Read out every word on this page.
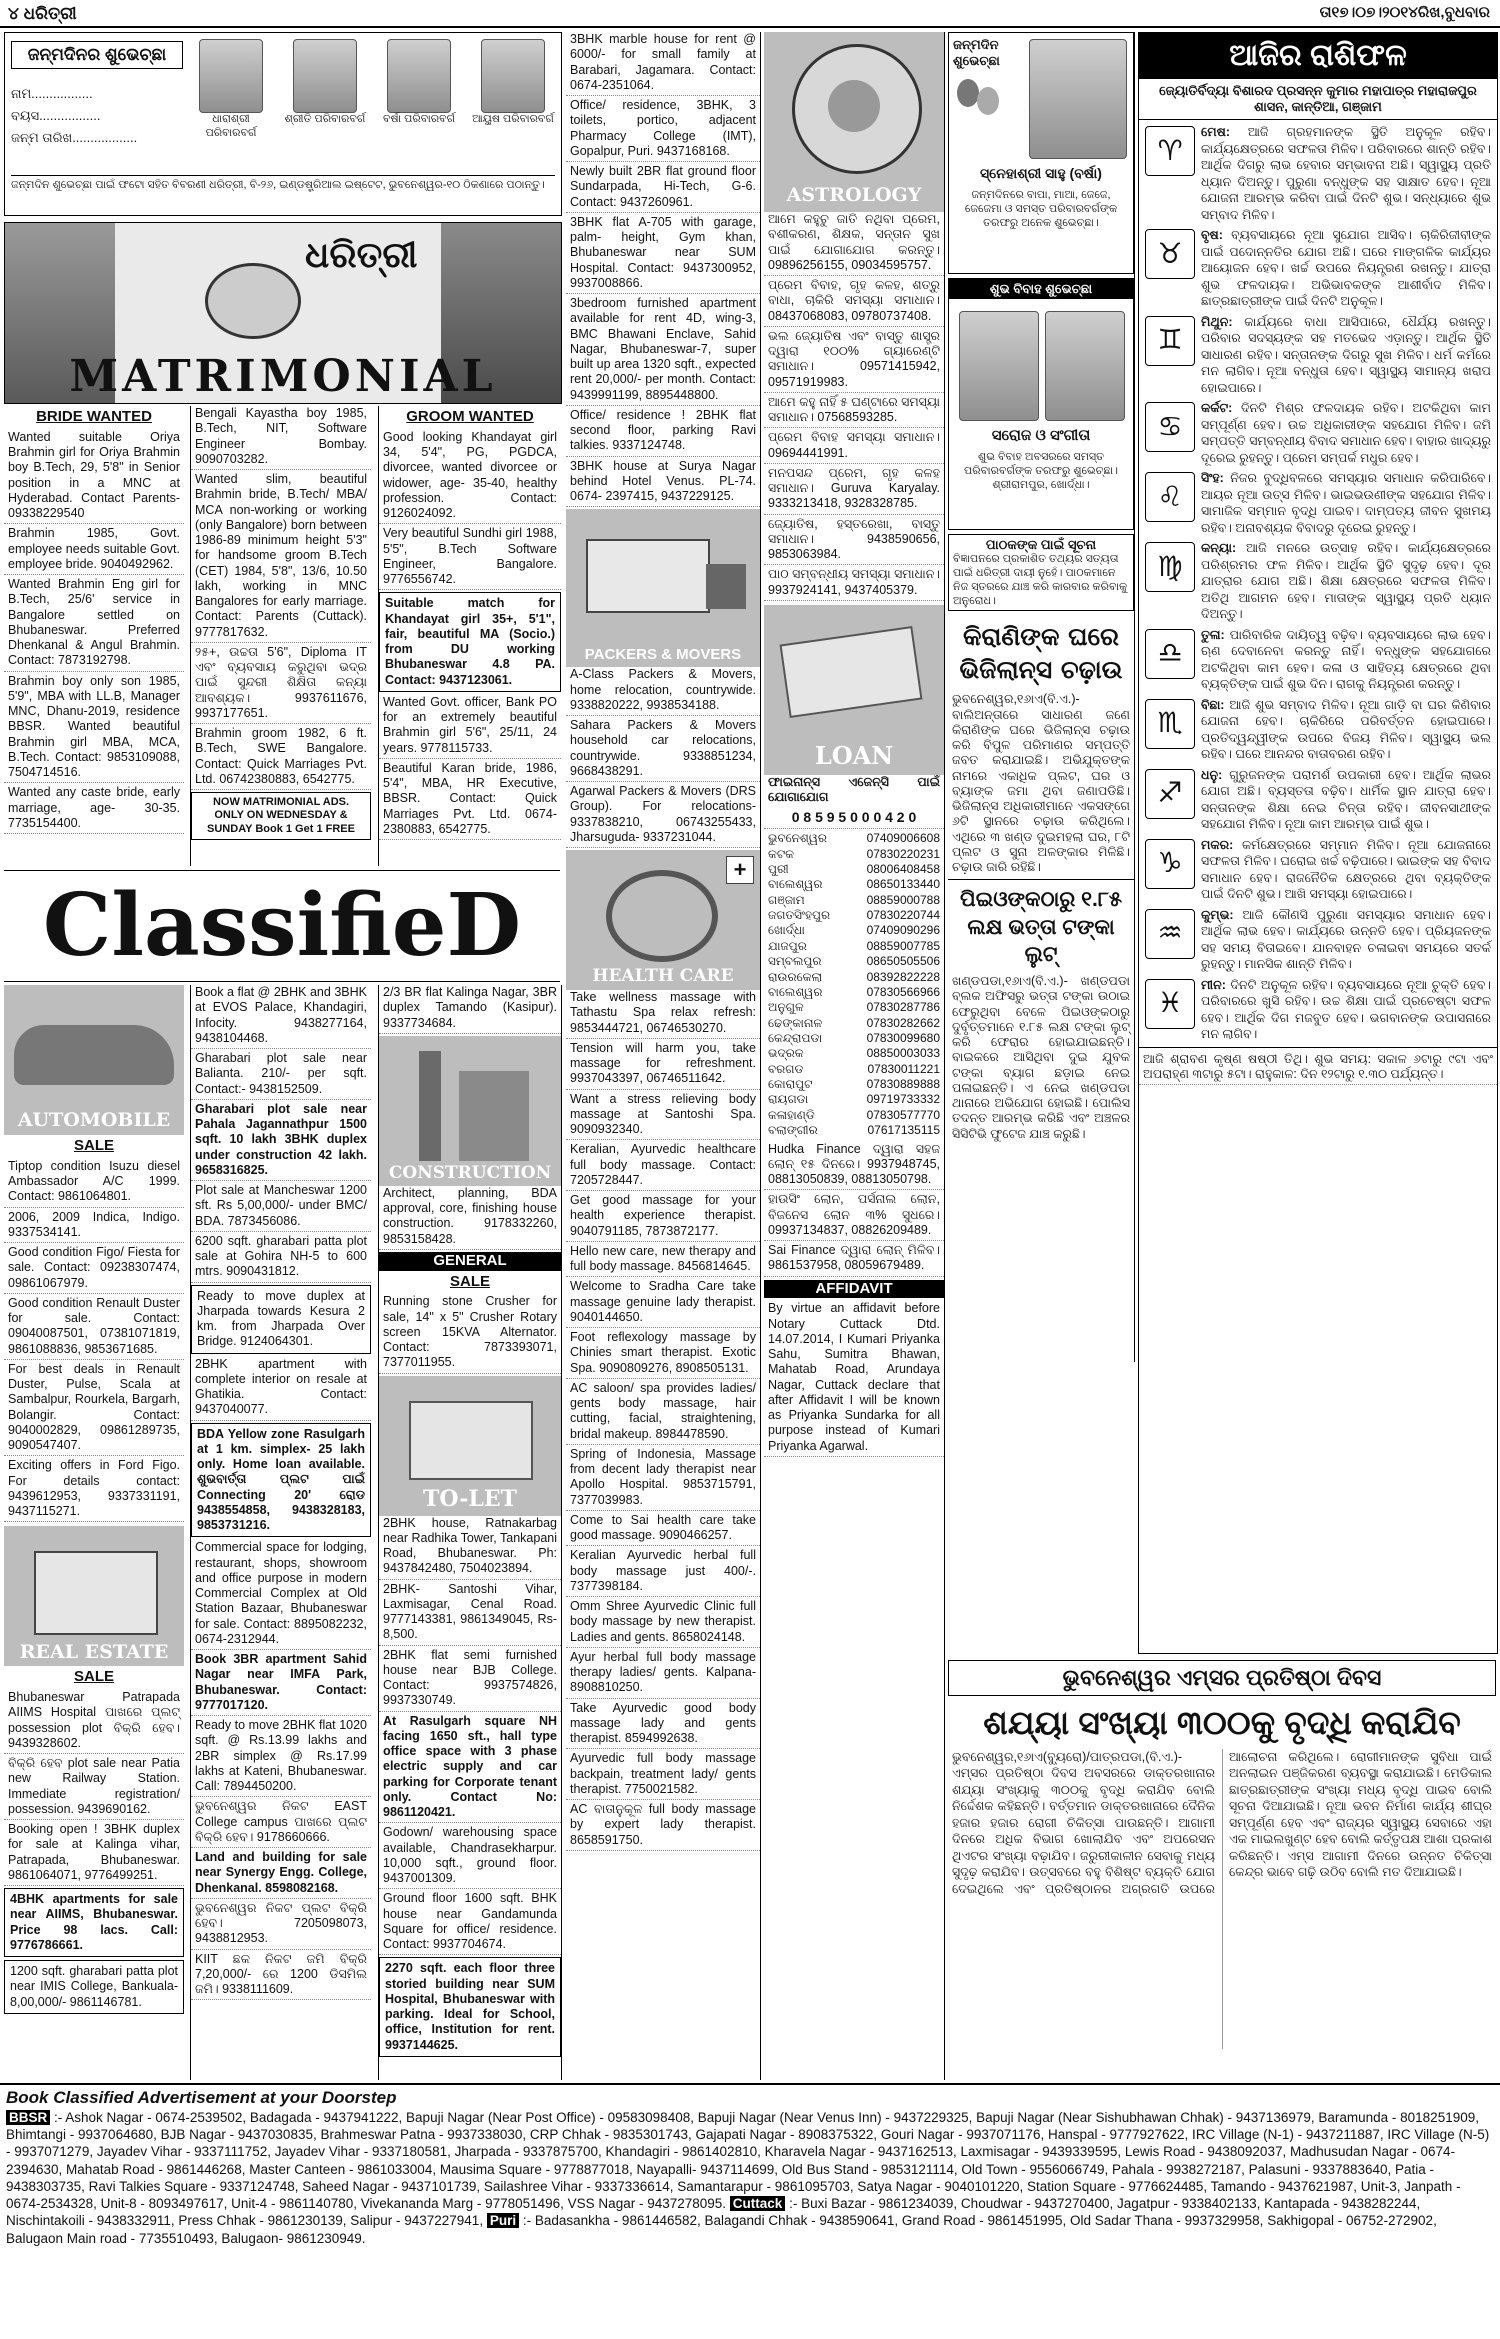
୪ ଧରିତ୍ରୀ	ତା୧୭।୦୭।୨୦୧୪ରିଖ,ବୁଧବାର
ଜନ୍ମଦିନର ଶୁଭେଚ୍ଛା
ନାମ.................
ବୟସ.................
ଜନ୍ମ ତାରିଖ..................
ଧାରାଶ୍ରୀ ପରିବାରବର୍ଗ
ଶ୍ରୀତି ପରିବାରବର୍ଗ	ବର୍ଷା ପରିବାରବର୍ଗ	ଆୟୁଷ ପରିବାରବର୍ଗ
ଜନ୍ମଦିନ ଶୁଭେଚ୍ଛା ପାଇଁ ଫଟୋ ସହିତ ବିବରଣୀ ଧରିତ୍ରୀ, ବି-୨୬, ଇଣ୍ଡଷ୍ଟ୍ରିଆଲ ଇଷ୍ଟେଟ, ଭୁବନେଶ୍ୱର-୧୦ ଠିକଣାରେ ପଠାନ୍ତୁ।
ଧରିତ୍ରୀ
MATRIMONIAL
BRIDE WANTED
Wanted suitable Oriya Brahmin girl for Oriya Brahmin boy B.Tech, 29, 5'8" in Senior position in a MNC at Hyderabad. Contact Parents-09338229540
Brahmin 1985, Govt. employee needs suitable Govt. employee bride. 9040492962.
Wanted Brahmin Eng girl for B.Tech, 25/6' service in Bangalore settled on Bhubaneswar. Preferred Dhenkanal & Angul Brahmin. Contact: 7873192798.
Brahmin boy only son 1985, 5'9", MBA with LL.B, Manager MNC, Dhanu-2019, residence BBSR. Wanted beautiful Brahmin girl MBA, MCA, B.Tech. Contact: 9853109088, 7504714516.
Wanted any caste bride, early marriage, age- 30-35. 7735154400.
Bengali Kayastha boy 1985, B.Tech, NIT, Software Engineer Bombay. 9090703282.
Wanted slim, beautiful Brahmin bride, B.Tech/ MBA/ MCA non-working or working (only Bangalore) born between 1986-89 minimum height 5'3" for handsome groom B.Tech (CET) 1984, 5'8", 13/6, 10.50 lakh, working in MNC Bangalores for early marriage. Contact: Parents (Cuttack). 9777817632.
୨୫+, ଉଚ୍ଚତା 5'6", Diploma IT ଏବଂ ବ୍ୟବସାୟ କରୁଥିବା ଭଦ୍ର ପାଇଁ ସୁନ୍ଦରୀ ଶିକ୍ଷିତା କନ୍ୟା ଆବଶ୍ୟକ। 9937611676, 9937177651.
Brahmin groom 1982, 6 ft. B.Tech, SWE Bangalore. Contact: Quick Marriages Pvt. Ltd. 06742380883, 6542775.
NOW MATRIMONIAL ADS. ONLY ON WEDNESDAY & SUNDAY Book 1 Get 1 FREE
GROOM WANTED
Good looking Khandayat girl 34, 5'4", PG, PGDCA, divorcee, wanted divorcee or widower, age- 35-40, healthy profession. Contact: 9126024092.
Very beautiful Sundhi girl 1988, 5'5", B.Tech Software Engineer, Bangalore. 9776556742.
Suitable match for Khandayat girl 35+, 5'1", fair, beautiful MA (Socio.) from DU working Bhubaneswar 4.8 PA. Contact: 9437123061.
Wanted Govt. officer, Bank PO for an extremely beautiful Brahmin girl 5'6", 25/11, 24 years. 9778115733.
Beautiful Karan bride, 1986, 5'4", MBA, HR Executive, BBSR. Contact: Quick Marriages Pvt. Ltd. 0674-2380883, 6542775.
ClassifieD
AUTOMOBILE
SALE
Tiptop condition Isuzu diesel Ambassador A/C 1999. Contact: 9861064801.
2006, 2009 Indica, Indigo. 9337534141.
Good condition Figo/ Fiesta for sale. Contact: 09238307474, 09861067979.
Good condition Renault Duster for sale. Contact: 09040087501, 07381071819, 9861088836, 9853671685.
For best deals in Renault Duster, Pulse, Scala at Sambalpur, Rourkela, Bargarh, Bolangir. Contact: 9040002829, 09861289735, 9090547407.
Exciting offers in Ford Figo. For details contact: 9439612953, 9337331191, 9437115271.
REAL ESTATE
SALE
Bhubaneswar Patrapada AIIMS Hospital ପାଖରେ ପ୍ଲଟ୍ possession plot ବିକ୍ରି ହେବ। 9439328602.
ବିକ୍ରି ହେବ plot sale near Patia new Railway Station. Immediate registration/ possession. 9439690162.
Booking open ! 3BHK duplex for sale at Kalinga vihar, Patrapada, Bhubaneswar. 9861064071, 9776499251.
4BHK apartments for sale near AIIMS, Bhubaneswar. Price 98 lacs. Call: 9776786661.
1200 sqft. gharabari patta plot near IMIS College, Bankuala- 8,00,000/- 9861146781.
Book a flat @ 2BHK and 3BHK at EVOS Palace, Khandagiri, Infocity. 9438277164, 9438104468.
Gharabari plot sale near Balianta. 210/- per sqft. Contact:- 9438152509.
Gharabari plot sale near Pahala Jagannathpur 1500 sqft. 10 lakh 3BHK duplex under construction 42 lakh. 9658316825.
Plot sale at Mancheswar 1200 sft. Rs 5,00,000/- under BMC/ BDA. 7873456086.
6200 sqft. gharabari patta plot sale at Gohira NH-5 to 600 mtrs. 9090431812.
Ready to move duplex at Jharpada towards Kesura 2 km. from Jharpada Over Bridge. 9124064301.
2BHK apartment with complete interior on resale at Ghatikia. Contact: 9437040077.
BDA Yellow zone Rasulgarh at 1 km. simplex- 25 lakh only. Home loan available. ଶୁଭବାର୍ତ୍ତା ପ୍ଲଟ ପାଇଁ Connecting 20' ରୋଡ 9438554858, 9438328183, 9853731216.
Commercial space for lodging, restaurant, shops, showroom and office purpose in modern Commercial Complex at Old Station Bazaar, Bhubaneswar for sale. Contact: 8895082232, 0674-2312944.
Book 3BR apartment Sahid Nagar near IMFA Park, Bhubaneswar. Contact: 9777017120.
Ready to move 2BHK flat 1020 sqft. @ Rs.13.99 lakhs and 2BR simplex @ Rs.17.99 lakhs at Kateni, Bhubaneswar. Call: 7894450200.
ଭୁବନେଶ୍ୱର ନିକଟ EAST College campus ପାଖରେ ପ୍ଲଟ ବିକ୍ରି ହେବ। 9178660666.
Land and building for sale near Synergy Engg. College, Dhenkanal. 8598082168.
ଭୁବନେଶ୍ୱର ନିକଟ ପ୍ଲଟ ବିକ୍ରି ହେବ। 7205098073, 9438812953.
KIIT ଛକ ନିକଟ ଜମି ବିକ୍ରି 7,20,000/- ରେ 1200 ଡିସମିଲ ଜମି। 9338111609.
2/3 BR flat Kalinga Nagar, 3BR duplex Tamando (Kasipur). 9337734684.
CONSTRUCTION
Architect, planning, BDA approval, core, finishing house construction. 9178332260, 9853158428.
GENERAL
SALE
Running stone Crusher for sale, 14" x 5" Crusher Rotary screen 15KVA Alternator. Contact: 7873393071, 7377011955.
TO-LET
2BHK house, Ratnakarbag near Radhika Tower, Tankapani Road, Bhubaneswar. Ph: 9437842480, 7504023894.
2BHK- Santoshi Vihar, Laxmisagar, Cenal Road. 9777143381, 9861349045, Rs-8,500.
2BHK flat semi furnished house near BJB College. Contact: 9937574826, 9937330749.
At Rasulgarh square NH facing 1650 sft., hall type office space with 3 phase electric supply and car parking for Corporate tenant only. Contact No: 9861120421.
Godown/ warehousing space available, Chandrasekharpur. 10,000 sqft., ground floor. 9437001309.
Ground floor 1600 sqft. BHK house near Gandamunda Square for office/ residence. Contact: 9937704674.
2270 sqft. each floor three storied building near SUM Hospital, Bhubaneswar with parking. Ideal for School, office, Institution for rent. 9937144625.
3BHK marble house for rent @ 6000/- for small family at Barabari, Jagamara. Contact: 0674-2351064.
Office/ residence, 3BHK, 3 toilets, portico, adjacent Pharmacy College (IMT), Gopalpur, Puri. 9437168168.
Newly built 2BR flat ground floor Sundarpada, Hi-Tech, G-6. Contact: 9437260961.
3BHK flat A-705 with garage, palm- height, Gym khan, Bhubaneswar near SUM Hospital. Contact: 9437300952, 9937008866.
3bedroom furnished apartment available for rent 4D, wing-3, BMC Bhawani Enclave, Sahid Nagar, Bhubaneswar-7, super built up area 1320 sqft., expected rent 20,000/- per month. Contact: 9439991199, 8895448800.
Office/ residence ! 2BHK flat second floor, parking Ravi talkies. 9337124748.
3BHK house at Surya Nagar behind Hotel Venus. PL-74. 0674- 2397415, 9437229125.
PACKERS & MOVERS
A-Class Packers & Movers, home relocation, countrywide. 9338820222, 9938534188.
Sahara Packers & Movers household car relocations, countrywide. 9338851234, 9668438291.
Agarwal Packers & Movers (DRS Group). For relocations- 9337838210, 06743255433, Jharsuguda- 9337231044.
+
HEALTH CARE
Take wellness massage with Tathastu Spa relax refresh: 9853444721, 06746530270.
Tension will harm you, take massage for refreshment. 9937043397, 06746511642.
Want a stress relieving body massage at Santoshi Spa. 9090932340.
Keralian, Ayurvedic healthcare full body massage. Contact: 7205728447.
Get good massage for your health experience therapist. 9040791185, 7873872177.
Hello new care, new therapy and full body massage. 8456814645.
Welcome to Sradha Care take massage genuine lady therapist. 9040144650.
Foot reflexology massage by Chinies smart therapist. Exotic Spa. 9090809276, 8908505131.
AC saloon/ spa provides ladies/ gents body massage, hair cutting, facial, straightening, bridal makeup. 8984478590.
Spring of Indonesia, Massage from decent lady therapist near Apollo Hospital. 9853715791, 7377039983.
Come to Sai health care take good massage. 9090466257.
Keralian Ayurvedic herbal full body massage just 400/-. 7377398184.
Omm Shree Ayurvedic Clinic full body massage by new therapist. Ladies and gents. 8658024148.
Ayur herbal full body massage therapy ladies/ gents. Kalpana- 8908810250.
Take Ayurvedic good body massage lady and gents therapist. 8594992638.
Ayurvedic full body massage backpain, treatment lady/ gents therapist. 7750021582.
AC ବାତାନୁକୂଳ full body massage by expert lady therapist. 8658591750.
ASTROLOGY
ଆମେ କହୁଚୁ ଜାତି ନଥିବା ପ୍ରେମ, ବଶୀକରଣ, ଶିକ୍ଷକ, ସନ୍ତାନ ସୁଖ ପାଇଁ ଯୋଗାଯୋଗ କରନ୍ତୁ। 09896256155, 09034595757.
ପ୍ରେମ ବିବାହ, ଗୃହ କଳହ, ଶତ୍ରୁ ବାଧା, ଚାକିରି ସମସ୍ୟା ସମାଧାନ। 08437068083, 09780737408.
ଭଲ ଜ୍ୟୋତିଷ ଏବଂ ବାସ୍ତୁ ଶାସ୍ତ୍ର ଦ୍ୱାରା ୧୦୦% ଗ୍ୟାରେଣ୍ଟି ସମାଧାନ। 09571415942, 09571919983.
ଆମେ କହୁ ନାହିଁ ୫ ଘଣ୍ଟାରେ ସମସ୍ୟା ସମାଧାନ। 07568593285.
ପ୍ରେମ ବିବାହ ସମସ୍ୟା ସମାଧାନ। 09694441991.
ମନପସନ୍ଦ ପ୍ରେମ, ଗୃହ କଳହ ସମାଧାନ। Guruva Karyalay. 9333213418, 9328328785.
ଜ୍ୟୋତିଷ, ହସ୍ତରେଖା, ବାସ୍ତୁ ସମାଧାନ। 9438590656, 9853063984.
ପାଠ ସମ୍ବନ୍ଧୀୟ ସମସ୍ୟା ସମାଧାନ। 9937924141, 9437405379.
LOAN
ଫାଇନାନ୍ସ ଏଜେନ୍ସି ପାଇଁ ଯୋଗାଯୋଗ
0 8 5 9 5 0 0 0 4 2 0
ଭୁବନେଶ୍ୱର	07409006608
କଟକ	07830220231
ପୁରୀ	08006408458
ବାଲେଶ୍ୱର	08650133440
ଗଞ୍ଜାମ	08859000788
ଜଗତସିଂହପୁର	07830220744
ଖୋର୍ଦ୍ଧା	07409090296
ଯାଜପୁର	08859007785
ସମ୍ବଲପୁର	08650505506
ରାଉରକେଲା	08392822228
ବାଲେଶ୍ୱର	07830566966
ଅନୁଗୁଳ	07830287786
ଢେଙ୍କାନାଳ	07830282662
କେନ୍ଦ୍ରାପଡା	07830099680
ଭଦ୍ରକ	08850003033
ବରଗଡ	07830011221
କୋରାପୁଟ	07830889888
ରାୟଗଡା	09719733332
କଳାହାଣ୍ଡି	07830577770
ବଲାଙ୍ଗୀର	07617135115
Hudka Finance ଦ୍ୱାରା ସହଜ ଲୋନ୍ ୧୫ ଦିନରେ। 9937948745, 08813050839, 08813050798.
ହାଉସିଂ ଲୋନ, ପର୍ସନାଲ ଲୋନ, ବିଜନେସ ଲୋନ ୩% ସୁଧରେ। 09937134837, 08826209489.
Sai Finance ଦ୍ୱାରା ଲୋନ୍ ମିଳିବ। 9861537958, 08059679489.
AFFIDAVIT
By virtue an affidavit before Notary Cuttack Dtd. 14.07.2014, I Kumari Priyanka Sahu, Sumitra Bhawan, Mahatab Road, Arundaya Nagar, Cuttack declare that after Affidavit I will be known as Priyanka Sundarka for all purpose instead of Kumari Priyanka Agarwal.
ଜନ୍ମଦିନ ଶୁଭେଚ୍ଛା
ସ୍ନେହାଶ୍ରୀ ସାହୁ (ବର୍ଷା)
ଜନ୍ମଦିନରେ ବାପା, ମାଆ, ଜେଜେ, ଜେଜେମା ଓ ସମସ୍ତ ପରିବାରବର୍ଗଙ୍କ ତରଫରୁ ଅନେକ ଶୁଭେଚ୍ଛା।
ଶୁଭ ବିବାହ ଶୁଭେଚ୍ଛା
ସରୋଜ ଓ ସଂଗୀତା
ଶୁଭ ବିବାହ ଅବସରରେ ସମସ୍ତ ପରିବାରବର୍ଗଙ୍କ ତରଫରୁ ଶୁଭେଚ୍ଛା। ଶ୍ରୀରାମପୁର, ଖୋର୍ଦ୍ଧା।
ପାଠକଙ୍କ ପାଇଁ ସୂଚନା
ବିଜ୍ଞାପନରେ ପ୍ରକାଶିତ ତଥ୍ୟର ସତ୍ୟତା ପାଇଁ ଧରିତ୍ରୀ ଦାୟୀ ନୁହେଁ। ପାଠକମାନେ ନିଜ ସ୍ତରରେ ଯାଞ୍ଚ କରି କାରବାର କରିବାକୁ ଅନୁରୋଧ।
କିରାଣିଙ୍କ ଘରେ ଭିଜିଲାନ୍ସ ଚଢ଼ାଉ
ଭୁବନେଶ୍ୱର,୧୬ାଏ(ବି.ଏ.)- ବାଲିଅନ୍ତାରେ ସାଧାରଣ ଜଣେ କିରାଣିଙ୍କ ଘରେ ଭିଜିଲାନ୍ସ ଚଢ଼ାଉ କରି ବିପୁଳ ପରିମାଣର ସମ୍ପତ୍ତି ଜବତ କରାଯାଇଛି। ଅଭିଯୁକ୍ତଙ୍କ ନାମରେ ଏକାଧିକ ପ୍ଲଟ, ଘର ଓ ବ୍ୟାଙ୍କ ଜମା ଥିବା ଜଣାପଡିଛି। ଭିଜିଲାନ୍ସ ଅଧିକାରୀମାନେ ଏକସଙ୍ଗେ ୬ଟି ସ୍ଥାନରେ ଚଢ଼ାଉ କରିଥିଲେ। ଏଥିରେ ୩ ଖଣ୍ଡ ଦୁଇମହଲା ଘର, ୮ଟି ପ୍ଲଟ ଓ ସୁନା ଅଳଙ୍କାର ମିଳିଛି। ଚଢ଼ାଉ ଜାରି ରହିଛି।
ପିଇଓଙ୍କଠାରୁ ୧.୮୫ ଲକ୍ଷ ଭତ୍ତା ଟଙ୍କା ଲୁଟ୍
ଖଣ୍ଡପଡା,୧୬ାଏ(ବି.ଏ.)- ଖଣ୍ଡପଡା ବ୍ଲକ ଅଫିସରୁ ଭତ୍ତା ଟଙ୍କା ଉଠାଇ ଫେରୁଥିବା ବେଳେ ପିଇଓଙ୍କଠାରୁ ଦୁର୍ବୃତ୍ତମାନେ ୧.୮୫ ଲକ୍ଷ ଟଙ୍କା ଲୁଟ୍ କରି ଫେରାର ହୋଇଯାଇଛନ୍ତି। ବାଇକରେ ଆସିଥିବା ଦୁଇ ଯୁବକ ଟଙ୍କା ବ୍ୟାଗ ଛଡ଼ାଇ ନେଇ ପଳାଇଛନ୍ତି। ଏ ନେଇ ଖଣ୍ଡପଡା ଥାନାରେ ଅଭିଯୋଗ ହୋଇଛି। ପୋଲିସ ତଦନ୍ତ ଆରମ୍ଭ କରିଛି ଏବଂ ଅଞ୍ଚଳର ସିସିଟିଭି ଫୁଟେଜ ଯାଞ୍ଚ କରୁଛି।
ଆଜିର ରାଶିଫଳ
ଜ୍ୟୋତିର୍ବିଦ୍ୟା ବିଶାରଦ ପ୍ରସନ୍ନ କୁମାର ମହାପାତ୍ର ମହାରାଜପୁର ଶାସନ, କାନ୍ତିଆ, ଗଞ୍ଜାମ
♈
ମେଷ: ଆଜି ଗ୍ରହମାନଙ୍କ ସ୍ଥିତି ଅନୁକୂଳ ରହିବ। କାର୍ଯ୍ୟକ୍ଷେତ୍ରରେ ସଫଳତା ମିଳିବ। ପରିବାରରେ ଶାନ୍ତି ରହିବ। ଆର୍ଥିକ ଦିଗରୁ ଲାଭ ହେବାର ସମ୍ଭାବନା ଅଛି। ସ୍ୱାସ୍ଥ୍ୟ ପ୍ରତି ଧ୍ୟାନ ଦିଅନ୍ତୁ। ପୁରୁଣା ବନ୍ଧୁଙ୍କ ସହ ସାକ୍ଷାତ ହେବ। ନୂଆ ଯୋଜନା ଆରମ୍ଭ କରିବା ପାଇଁ ଦିନଟି ଶୁଭ। ସନ୍ଧ୍ୟାରେ ଶୁଭ ସମ୍ବାଦ ମିଳିବ।
♉
ବୃଷ: ବ୍ୟବସାୟରେ ନୂଆ ସୁଯୋଗ ଆସିବ। ଚାକିରିଜୀବୀଙ୍କ ପାଇଁ ପଦୋନ୍ନତିର ଯୋଗ ଅଛି। ଘରେ ମାଙ୍ଗଳିକ କାର୍ଯ୍ୟର ଆୟୋଜନ ହେବ। ଖର୍ଚ୍ଚ ଉପରେ ନିୟନ୍ତ୍ରଣ ରଖନ୍ତୁ। ଯାତ୍ରା ଶୁଭ ଫଳଦାୟକ। ଅଭିଭାବକଙ୍କ ଆଶୀର୍ବାଦ ମିଳିବ। ଛାତ୍ରଛାତ୍ରୀଙ୍କ ପାଇଁ ଦିନଟି ଅନୁକୂଳ।
♊
ମିଥୁନ: କାର୍ଯ୍ୟରେ ବାଧା ଆସିପାରେ, ଧୈର୍ଯ୍ୟ ରଖନ୍ତୁ। ପରିବାର ସଦସ୍ୟଙ୍କ ସହ ମତଭେଦ ଏଡ଼ାନ୍ତୁ। ଆର୍ଥିକ ସ୍ଥିତି ସାଧାରଣ ରହିବ। ସନ୍ତାନଙ୍କ ଦିଗରୁ ସୁଖ ମିଳିବ। ଧର୍ମ କର୍ମରେ ମନ ଲାଗିବ। ନୂଆ ବନ୍ଧୁତା ହେବ। ସ୍ୱାସ୍ଥ୍ୟ ସାମାନ୍ୟ ଖରାପ ହୋଇପାରେ।
♋
କର୍କଟ: ଦିନଟି ମିଶ୍ର ଫଳଦାୟକ ରହିବ। ଅଟକିଥିବା କାମ ସମ୍ପୂର୍ଣ୍ଣ ହେବ। ଉଚ୍ଚ ଅଧିକାରୀଙ୍କ ସହଯୋଗ ମିଳିବ। ଜମି ସମ୍ପତ୍ତି ସମ୍ବନ୍ଧୀୟ ବିବାଦ ସମାଧାନ ହେବ। ବାହାର ଖାଦ୍ୟରୁ ଦୂରେଇ ରୁହନ୍ତୁ। ପ୍ରେମ ସମ୍ପର୍କ ମଧୁର ହେବ।
♌
ସିଂହ: ନିଜର ବୁଦ୍ଧିବଳରେ ସମସ୍ୟାର ସମାଧାନ କରିପାରିବେ। ଆୟର ନୂଆ ଉତ୍ସ ମିଳିବ। ଭାଇଭଉଣୀଙ୍କ ସହଯୋଗ ମିଳିବ। ସାମାଜିକ ସମ୍ମାନ ବୃଦ୍ଧି ପାଇବ। ଦାମ୍ପତ୍ୟ ଜୀବନ ସୁଖମୟ ରହିବ। ଅନାବଶ୍ୟକ ବିବାଦରୁ ଦୂରେଇ ରୁହନ୍ତୁ।
♍
କନ୍ୟା: ଆଜି ମନରେ ଉତ୍ସାହ ରହିବ। କାର୍ଯ୍ୟକ୍ଷେତ୍ରରେ ପରିଶ୍ରମର ଫଳ ମିଳିବ। ଆର୍ଥିକ ସ୍ଥିତି ସୁଦୃଢ଼ ହେବ। ଦୂର ଯାତ୍ରାର ଯୋଗ ଅଛି। ଶିକ୍ଷା କ୍ଷେତ୍ରରେ ସଫଳତା ମିଳିବ। ଅତିଥି ଆଗମନ ହେବ। ମାତାଙ୍କ ସ୍ୱାସ୍ଥ୍ୟ ପ୍ରତି ଧ୍ୟାନ ଦିଅନ୍ତୁ।
♎
ତୁଳା: ପାରିବାରିକ ଦାୟିତ୍ୱ ବଢ଼ିବ। ବ୍ୟବସାୟରେ ଲାଭ ହେବ। ଋଣ ଦେବାନେବା କରନ୍ତୁ ନାହିଁ। ବନ୍ଧୁଙ୍କ ସହଯୋଗରେ ଅଟକିଥିବା କାମ ହେବ। କଳା ଓ ସାହିତ୍ୟ କ୍ଷେତ୍ରରେ ଥିବା ବ୍ୟକ୍ତିଙ୍କ ପାଇଁ ଶୁଭ ଦିନ। ରାଗକୁ ନିୟନ୍ତ୍ରଣ କରନ୍ତୁ।
♏
ବିଛା: ଆଜି ଶୁଭ ସମ୍ବାଦ ମିଳିବ। ନୂଆ ଗାଡ଼ି ବା ଘର କିଣିବାର ଯୋଜନା ହେବ। ଚାକିରିରେ ପରିବର୍ତ୍ତନ ହୋଇପାରେ। ପ୍ରତିଦ୍ୱନ୍ଦ୍ୱୀଙ୍କ ଉପରେ ବିଜୟ ମିଳିବ। ସ୍ୱାସ୍ଥ୍ୟ ଭଲ ରହିବ। ଘରେ ଆନନ୍ଦର ବାତାବରଣ ରହିବ।
♐
ଧନୁ: ଗୁରୁଜନଙ୍କ ପରାମର୍ଶ ଉପକାରୀ ହେବ। ଆର୍ଥିକ ଲାଭର ଯୋଗ ଅଛି। ବ୍ୟସ୍ତତା ବଢ଼ିବ। ଧାର୍ମିକ ସ୍ଥାନ ଯାତ୍ରା ହେବ। ସନ୍ତାନଙ୍କ ଶିକ୍ଷା ନେଇ ଚିନ୍ତା ରହିବ। ଜୀବନସାଥୀଙ୍କ ସହଯୋଗ ମିଳିବ। ନୂଆ କାମ ଆରମ୍ଭ ପାଇଁ ଶୁଭ।
♑
ମକର: କର୍ମକ୍ଷେତ୍ରରେ ସମ୍ମାନ ମିଳିବ। ନୂଆ ଯୋଜନାରେ ସଫଳତା ମିଳିବ। ଘରୋଇ ଖର୍ଚ୍ଚ ବଢ଼ିପାରେ। ଭାଇଙ୍କ ସହ ବିବାଦ ସମାଧାନ ହେବ। ରାଜନୈତିକ କ୍ଷେତ୍ରରେ ଥିବା ବ୍ୟକ୍ତିଙ୍କ ପାଇଁ ଦିନଟି ଶୁଭ। ଆଖି ସମସ୍ୟା ହୋଇପାରେ।
♒
କୁମ୍ଭ: ଆଜି କୌଣସି ପୁରୁଣା ସମସ୍ୟାର ସମାଧାନ ହେବ। ଆର୍ଥିକ ଲାଭ ହେବ। କାର୍ଯ୍ୟରେ ଉନ୍ନତି ହେବ। ପ୍ରିୟଜନଙ୍କ ସହ ସମୟ ବିତାଇବେ। ଯାନବାହନ ଚଳାଇବା ସମୟରେ ସତର୍କ ରୁହନ୍ତୁ। ମାନସିକ ଶାନ୍ତି ମିଳିବ।
♓
ମୀନ: ଦିନଟି ଅନୁକୂଳ ରହିବ। ବ୍ୟବସାୟରେ ନୂଆ ଚୁକ୍ତି ହେବ। ପରିବାରରେ ଖୁସି ରହିବ। ଉଚ୍ଚ ଶିକ୍ଷା ପାଇଁ ପ୍ରଚେଷ୍ଟା ସଫଳ ହେବ। ଆର୍ଥିକ ଦିଗ ମଜବୁତ ହେବ। ଭଗବାନଙ୍କ ଉପାସନାରେ ମନ ଲାଗିବ।
ଆଜି ଶ୍ରାବଣ କୃଷ୍ଣ ଷଷ୍ଠୀ ତିଥି। ଶୁଭ ସମୟ: ସକାଳ ୬ଟାରୁ ୯ଟା ଏବଂ ଅପରାହ୍ଣ ୩ଟାରୁ ୫ଟା। ରାହୁକାଳ: ଦିନ ୧୨ଟାରୁ ୧.୩୦ ପର୍ଯ୍ୟନ୍ତ।
ଭୁବନେଶ୍ୱର ଏମ୍ସର ପ୍ରତିଷ୍ଠା ଦିବସ
ଶଯ୍ୟା ସଂଖ୍ୟା ୩୦୦କୁ ବୃଦ୍ଧି କରାଯିବ
ଭୁବନେଶ୍ୱର,୧୬ାଏ(ବ୍ୟୁରୋ)/ପାତ୍ରପଡା,(ବି.ଏ.)- ଏମ୍ସର ପ୍ରତିଷ୍ଠା ଦିବସ ଅବସରରେ ଡାକ୍ତରଖାନାର ଶଯ୍ୟା ସଂଖ୍ୟାକୁ ୩୦୦କୁ ବୃଦ୍ଧି କରାଯିବ ବୋଲି ନିର୍ଦ୍ଦେଶକ କହିଛନ୍ତି। ବର୍ତ୍ତମାନ ଡାକ୍ତରଖାନାରେ ଦୈନିକ ହଜାର ହଜାର ରୋଗୀ ଚିକିତ୍ସା ପାଉଛନ୍ତି। ଆଗାମୀ ଦିନରେ ଅଧିକ ବିଭାଗ ଖୋଲାଯିବ ଏବଂ ଅପରେସନ ଥିଏଟର ସଂଖ୍ୟା ବଢ଼ାଯିବ। ଜରୁରୀକାଳୀନ ସେବାକୁ ମଧ୍ୟ ସୁଦୃଢ଼ କରାଯିବ। ଉତ୍ସବରେ ବହୁ ବିଶିଷ୍ଟ ବ୍ୟକ୍ତି ଯୋଗ ଦେଇଥିଲେ ଏବଂ ପ୍ରତିଷ୍ଠାନର ଅଗ୍ରଗତି ଉପରେ ଆଲୋଚନା କରିଥିଲେ। ରୋଗୀମାନଙ୍କ ସୁବିଧା ପାଇଁ ଅନଲାଇନ ପଞ୍ଜିକରଣ ବ୍ୟବସ୍ଥା କରାଯାଇଛି। ମେଡିକାଲ ଛାତ୍ରଛାତ୍ରୀଙ୍କ ସଂଖ୍ୟା ମଧ୍ୟ ବୃଦ୍ଧି ପାଇବ ବୋଲି ସୂଚନା ଦିଆଯାଇଛି। ନୂଆ ଭବନ ନିର୍ମାଣ କାର୍ଯ୍ୟ ଶୀଘ୍ର ସମ୍ପୂର୍ଣ୍ଣ ହେବ ଏବଂ ରାଜ୍ୟର ସ୍ୱାସ୍ଥ୍ୟ ସେବାରେ ଏହା ଏକ ମାଇଲଖୁଣ୍ଟ ହେବ ବୋଲି କର୍ତ୍ତୃପକ୍ଷ ଆଶା ପ୍ରକାଶ କରିଛନ୍ତି। ଏମ୍ସ ଆଗାମୀ ଦିନରେ ଉନ୍ନତ ଚିକିତ୍ସା କେନ୍ଦ୍ର ଭାବେ ଗଢ଼ି ଉଠିବ ବୋଲି ମତ ଦିଆଯାଇଛି।
Book Classified Advertisement at your Doorstep
BBSR :- Ashok Nagar - 0674-2539502, Badagada - 9437941222, Bapuji Nagar (Near Post Office) - 09583098408, Bapuji Nagar (Near Venus Inn) - 9437229325, Bapuji Nagar (Near Sishubhawan Chhak) - 9437136979, Baramunda - 8018251909, Bhimtangi - 9937064680, BJB Nagar - 9437030835, Brahmeswar Patna - 9937338030, CRP Chhak - 9835301743, Gajapati Nagar - 8908375322, Gouri Nagar - 9937071176, Hanspal - 9777927622, IRC Village (N-1) - 9437211887, IRC Village (N-5) - 9937071279, Jayadev Vihar - 9337111752, Jayadev Vihar - 9337180581, Jharpada - 9337875700, Khandagiri - 9861402810, Kharavela Nagar - 9437162513, Laxmisagar - 9439339595, Lewis Road - 9438092037, Madhusudan Nagar - 0674-2394630, Mahatab Road - 9861446268, Master Canteen - 9861033004, Mausima Square - 9778877018, Nayapalli- 9437114699, Old Bus Stand - 9853121114, Old Town - 9556066749, Pahala - 9938272187, Palasuni - 9337883640, Patia - 9438303735, Ravi Talkies Square - 9337124748, Saheed Nagar - 9437101739, Sailashree Vihar - 9337336614, Samantarapur - 9861095703, Satya Nagar - 9040101220, Station Square - 9776624485, Tamando - 9437621987, Unit-3, Janpath - 0674-2534328, Unit-8 - 8093497617, Unit-4 - 9861140780, Vivekananda Marg - 9778051496, VSS Nagar - 9437278095. Cuttack :- Buxi Bazar - 9861234039, Choudwar - 9437270400, Jagatpur - 9338402133, Kantapada - 9438282244, Nischintakoili - 9438332911, Press Chhak - 9861230139, Salipur - 9437227941, Puri :- Badasankha - 9861446582, Balagandi Chhak - 9438590641, Grand Road - 9861451995, Old Sadar Thana - 9937329958, Sakhigopal - 06752-272902, Balugaon Main road - 7735510493, Balugaon- 9861230949.
